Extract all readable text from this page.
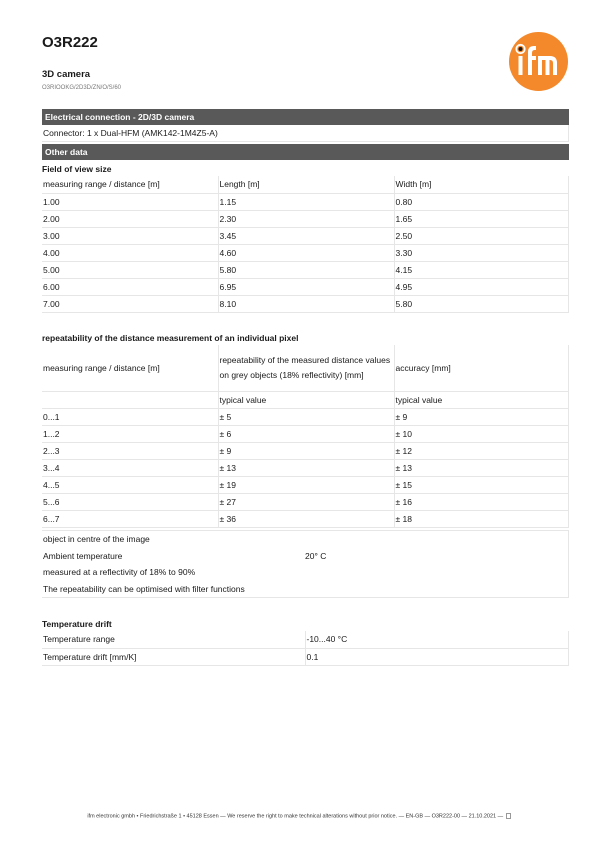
O3R222
3D camera
O3RIOOKG/2D3D/ZN/O/S/60
Electrical connection - 2D/3D camera
Connector: 1 x Dual-HFM (AMK142-1M4Z5-A)
Other data
Field of view size
measuring range / distance [m]	Length [m]	Width [m]
1.00	1.15	0.80
2.00	2.30	1.65
3.00	3.45	2.50
4.00	4.60	3.30
5.00	5.80	4.15
6.00	6.95	4.95
7.00	8.10	5.80
repeatability of the distance measurement of an individual pixel
measuring range / distance [m]	repeatability of the measured distance values on grey objects (18% reflectivity) [mm]	accuracy [mm]
	typical value	typical value
0...1	± 5	± 9
1...2	± 6	± 10
2...3	± 9	± 12
3...4	± 13	± 13
4...5	± 19	± 15
5...6	± 27	± 16
6...7	± 36	± 18
object in centre of the image
Ambient temperature	20° C
measured at a reflectivity of 18% to 90%
The repeatability can be optimised with filter functions
Temperature drift
Temperature range	-10...40 °C
Temperature drift [mm/K]	0.1
ifm electronic gmbh • Friedrichstraße 1 • 45128 Essen — We reserve the right to make technical alterations without prior notice. — EN-GB — O3R222-00 — 21.10.2021 —
